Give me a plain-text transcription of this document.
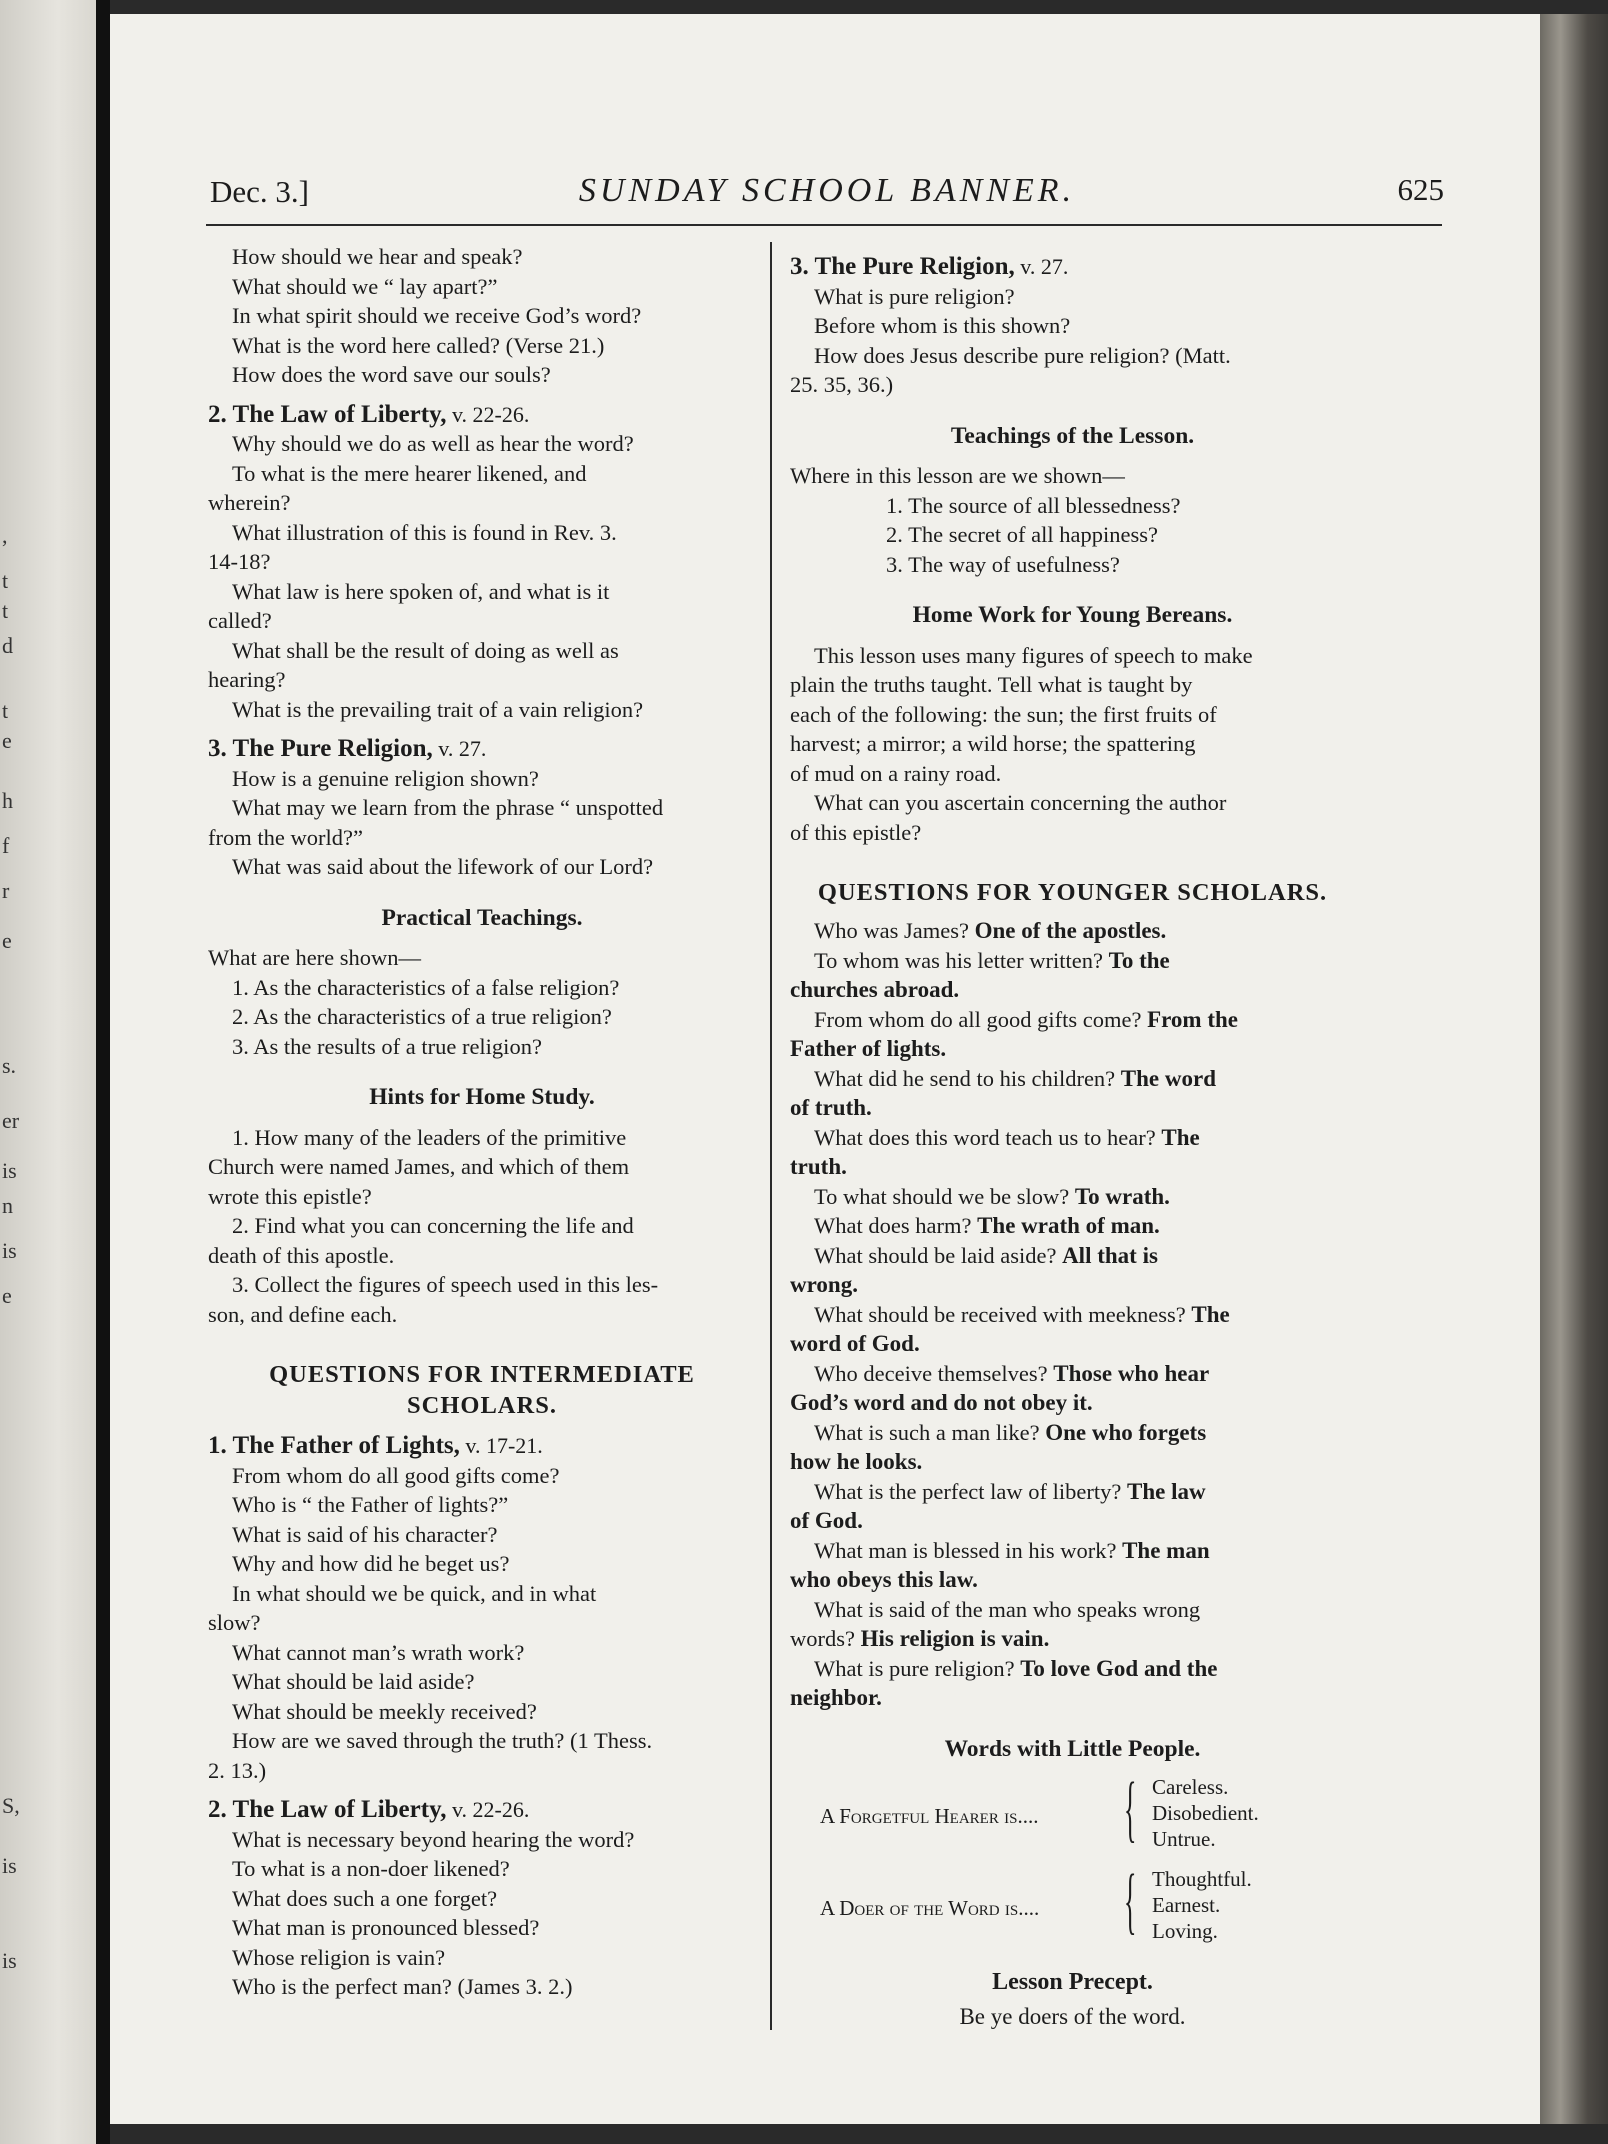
,
t
t
d
t
e
h
f
r
e
s.
er
is
n
is
e
S,
is
is
Dec. 3.]	SUNDAY SCHOOL BANNER.	625
How should we hear and speak?
What should we “ lay apart?”
In what spirit should we receive God’s word?
What is the word here called? (Verse 21.)
How does the word save our souls?
2. The Law of Liberty, v. 22-26.
Why should we do as well as hear the word?
To what is the mere hearer likened, and
wherein?
What illustration of this is found in Rev. 3.
14-18?
What law is here spoken of, and what is it
called?
What shall be the result of doing as well as
hearing?
What is the prevailing trait of a vain religion?
3. The Pure Religion, v. 27.
How is a genuine religion shown?
What may we learn from the phrase “ unspotted
from the world?”
What was said about the lifework of our Lord?
Practical Teachings.
What are here shown—
1. As the characteristics of a false religion?
2. As the characteristics of a true religion?
3. As the results of a true religion?
Hints for Home Study.
1. How many of the leaders of the primitive
Church were named James, and which of them
wrote this epistle?
2. Find what you can concerning the life and
death of this apostle.
3. Collect the figures of speech used in this les-
son, and define each.
QUESTIONS FOR INTERMEDIATE SCHOLARS.
1. The Father of Lights, v. 17-21.
From whom do all good gifts come?
Who is “ the Father of lights?”
What is said of his character?
Why and how did he beget us?
In what should we be quick, and in what
slow?
What cannot man’s wrath work?
What should be laid aside?
What should be meekly received?
How are we saved through the truth? (1 Thess.
2. 13.)
2. The Law of Liberty, v. 22-26.
What is necessary beyond hearing the word?
To what is a non-doer likened?
What does such a one forget?
What man is pronounced blessed?
Whose religion is vain?
Who is the perfect man? (James 3. 2.)
3. The Pure Religion, v. 27.
What is pure religion?
Before whom is this shown?
How does Jesus describe pure religion? (Matt.
25. 35, 36.)
Teachings of the Lesson.
Where in this lesson are we shown—
1. The source of all blessedness?
2. The secret of all happiness?
3. The way of usefulness?
Home Work for Young Bereans.
This lesson uses many figures of speech to make
plain the truths taught. Tell what is taught by
each of the following: the sun; the first fruits of
harvest; a mirror; a wild horse; the spattering
of mud on a rainy road.
What can you ascertain concerning the author
of this epistle?
QUESTIONS FOR YOUNGER SCHOLARS.
Who was James? One of the apostles.
To whom was his letter written? To the
churches abroad.
From whom do all good gifts come? From the
Father of lights.
What did he send to his children? The word
of truth.
What does this word teach us to hear? The
truth.
To what should we be slow? To wrath.
What does harm? The wrath of man.
What should be laid aside? All that is
wrong.
What should be received with meekness? The
word of God.
Who deceive themselves? Those who hear
God’s word and do not obey it.
What is such a man like? One who forgets
how he looks.
What is the perfect law of liberty? The law
of God.
What man is blessed in his work? The man
who obeys this law.
What is said of the man who speaks wrong
words? His religion is vain.
What is pure religion? To love God and the
neighbor.
Words with Little People.
A Forgetful Hearer is.... { Careless.
Disobedient.
Untrue.
A Doer of the Word is.... { Thoughtful.
Earnest.
Loving.
Lesson Precept.
Be ye doers of the word.
